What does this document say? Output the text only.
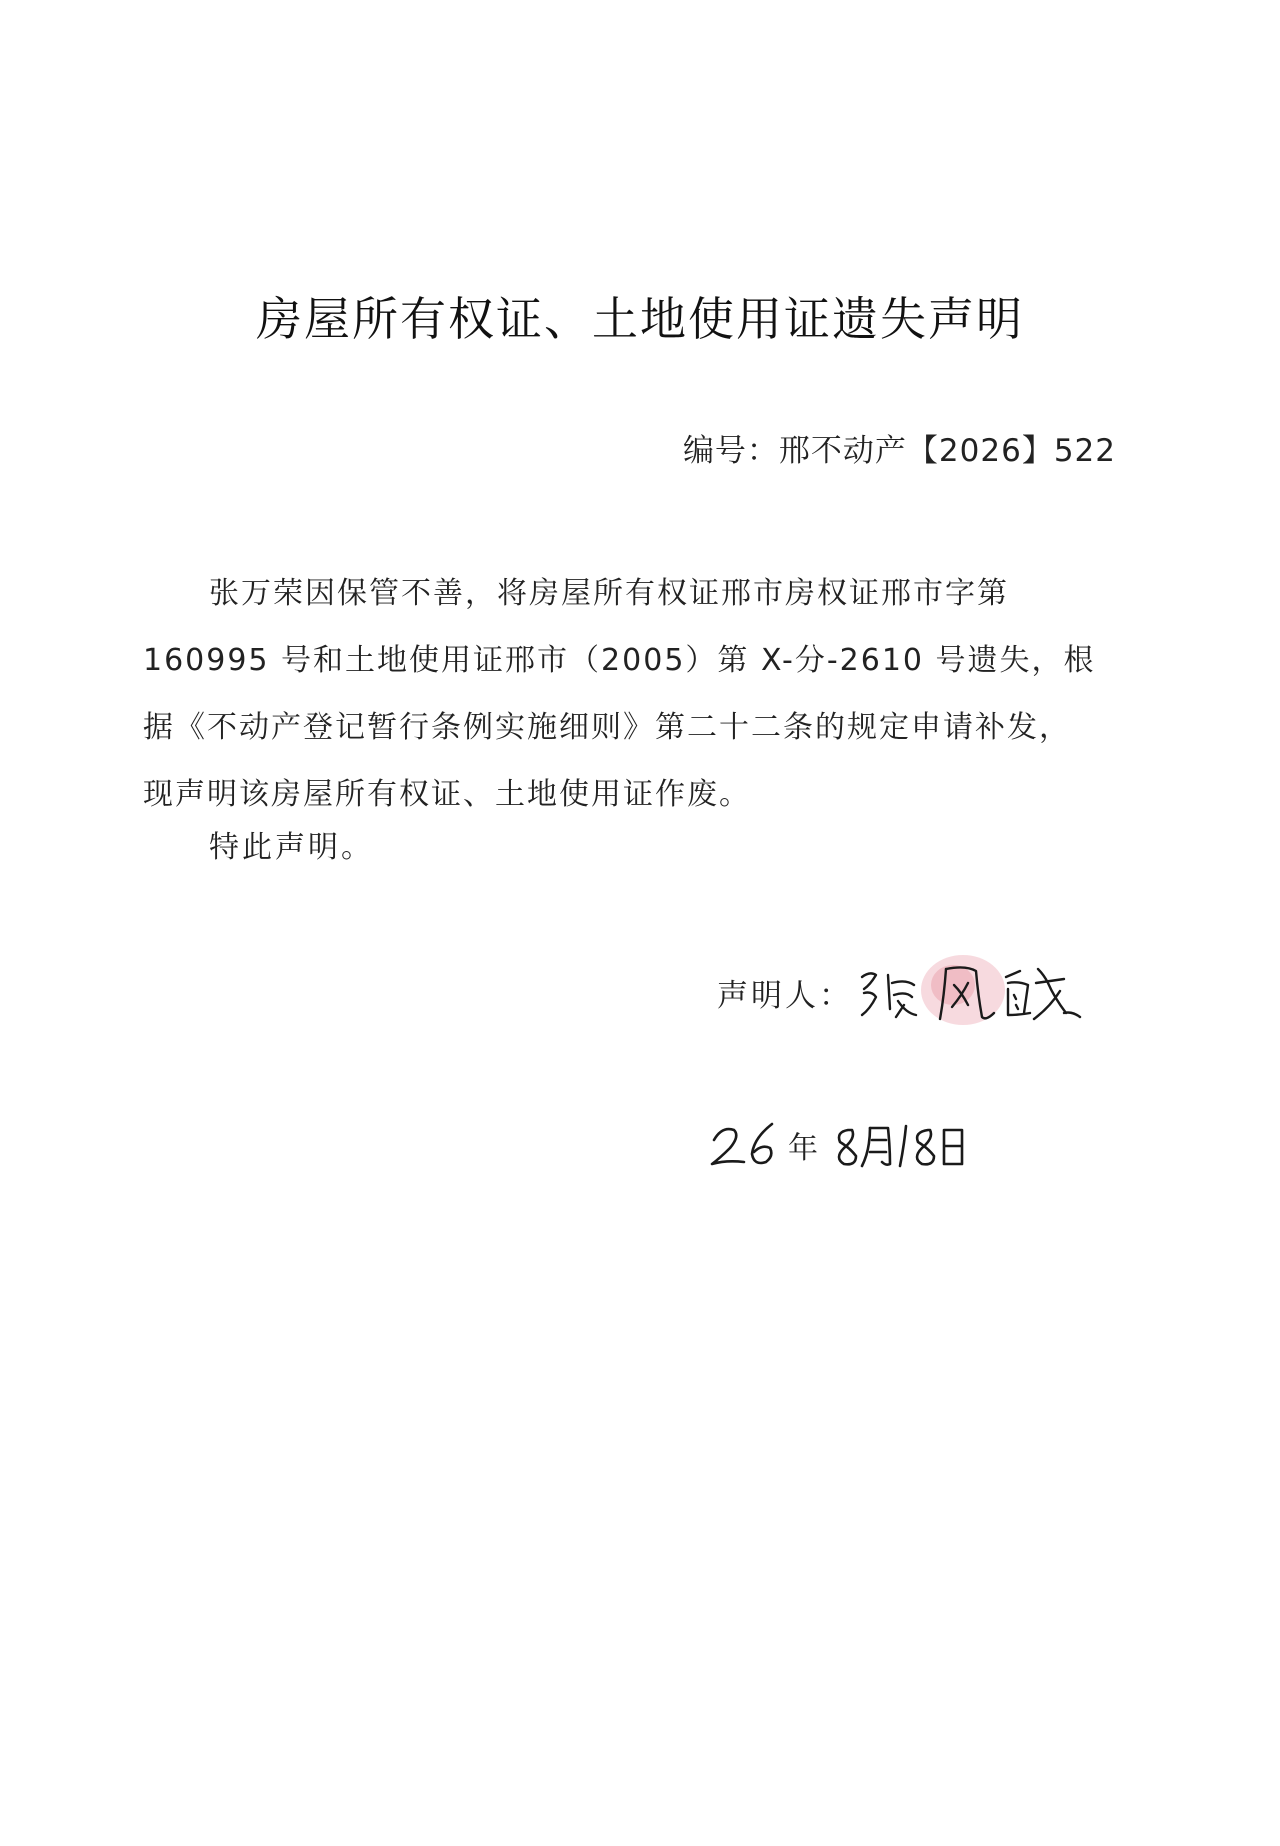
房屋所有权证、土地使用证遗失声明
编号：邢不动产【2026】522
张万荣因保管不善，将房屋所有权证邢市房权证邢市字第
160995 号和土地使用证邢市（2005）第 X-分-2610 号遗失，根
据《不动产登记暂行条例实施细则》第二十二条的规定申请补发，
现声明该房屋所有权证、土地使用证作废。
特此声明。
声明人：
年
